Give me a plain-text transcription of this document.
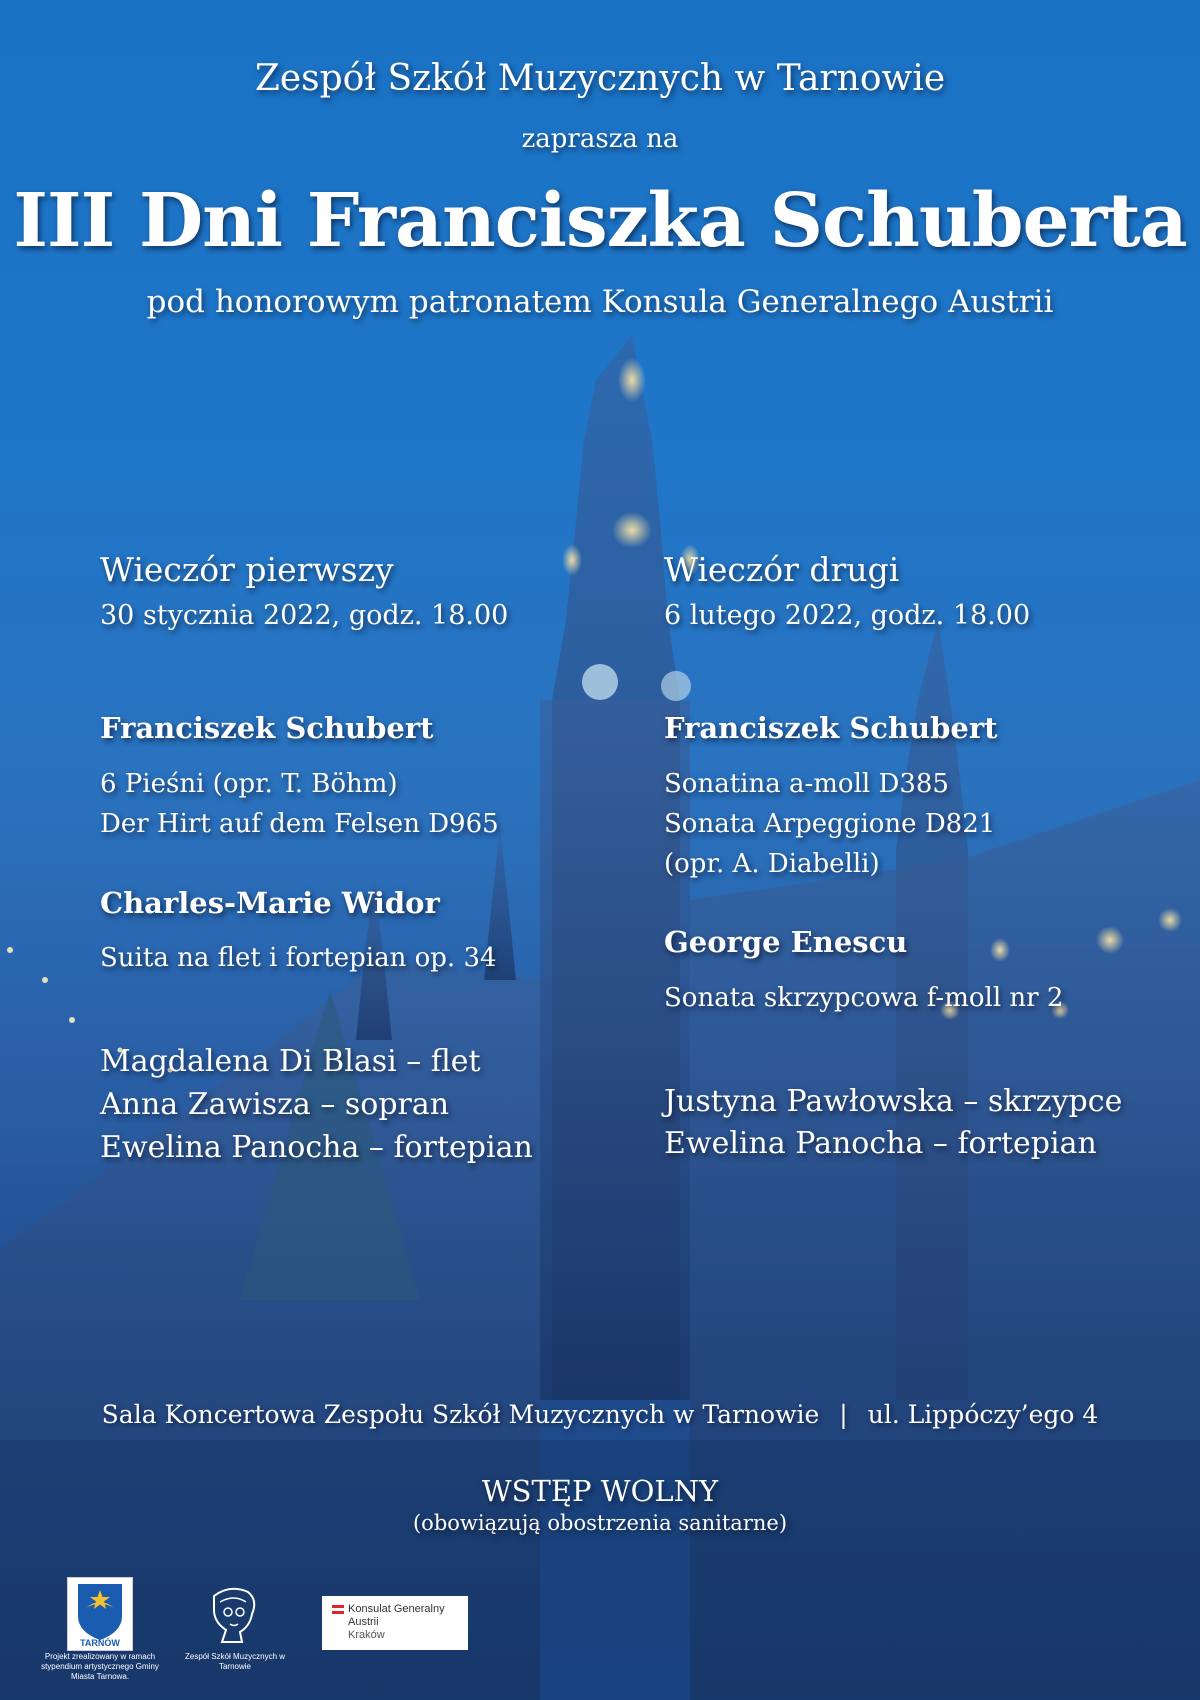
Zespół Szkół Muzycznych w Tarnowie

zaprasza na

III Dni Franciszka Schuberta

pod honorowym patronatem Konsula Generalnego Austrii

Wieczór pierwszy
30 stycznia 2022, godz. 18.00
Franciszek Schubert
6 Pieśni (opr. T. Böhm)
Der Hirt auf dem Felsen D965
Charles-Marie Widor
Suita na flet i fortepian op. 34
Magdalena Di Blasi – flet
Anna Zawisza – sopran
Ewelina Panocha – fortepian
Wieczór drugi
6 lutego 2022, godz. 18.00
Franciszek Schubert
Sonatina a-moll D385
Sonata Arpeggione D821
(opr. A. Diabelli)
George Enescu
Sonata skrzypcowa f-moll nr 2
Justyna Pawłowska – skrzypce
Ewelina Panocha – fortepian
Sala Koncertowa Zespołu Szkół Muzycznych w Tarnowie | ul. Lippóczy’ego 4

WSTĘP WOLNY

(obowiązują obostrzenia sanitarne)

TARNÓW
Projekt zrealizowany w ramach stypendium artystycznego Gminy Miasta Tarnowa.
Zespół Szkół Muzycznych w Tarnowie
Konsulat Generalny
Austrii
Kraków
